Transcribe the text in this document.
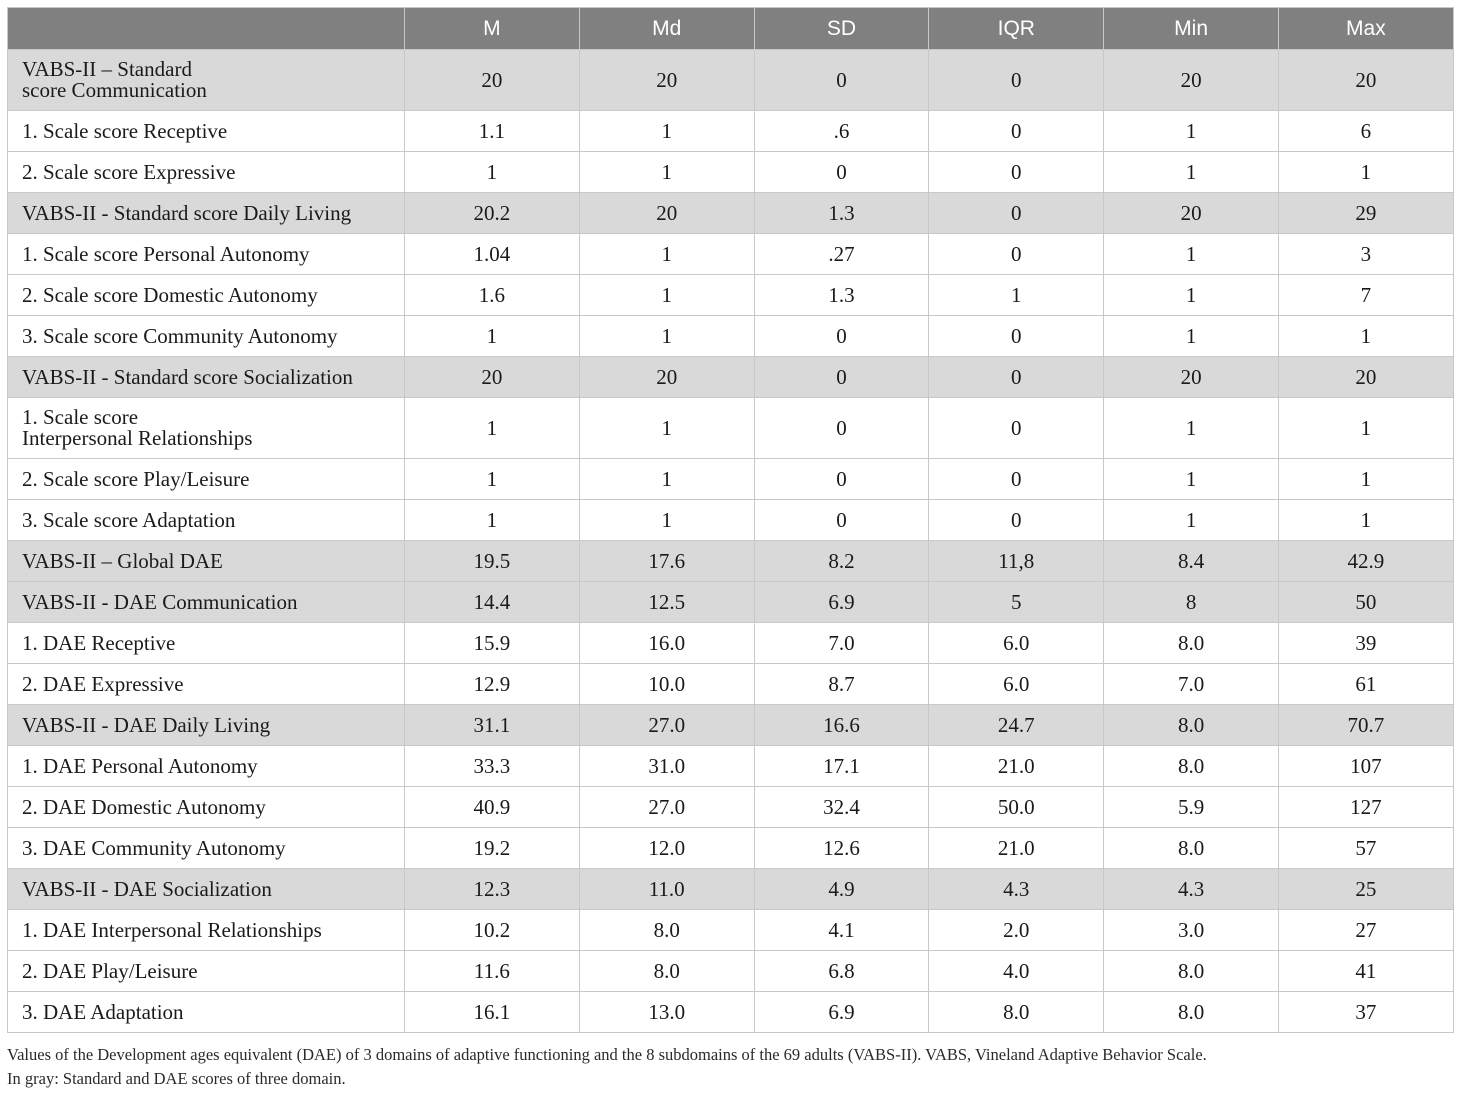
	M	Md	SD	IQR	Min	Max

VABS-II – Standard
score Communication	20	20	0	0	20	20

1. Scale score Receptive	1.1	1	.6	0	1	6

2. Scale score Expressive	1	1	0	0	1	1

VABS-II - Standard score Daily Living	20.2	20	1.3	0	20	29

1. Scale score Personal Autonomy	1.04	1	.27	0	1	3

2. Scale score Domestic Autonomy	1.6	1	1.3	1	1	7

3. Scale score Community Autonomy	1	1	0	0	1	1

VABS-II - Standard score Socialization	20	20	0	0	20	20

1. Scale score
Interpersonal Relationships	1	1	0	0	1	1

2. Scale score Play/Leisure	1	1	0	0	1	1

3. Scale score Adaptation	1	1	0	0	1	1

VABS-II – Global DAE	19.5	17.6	8.2	11,8	8.4	42.9

VABS-II - DAE Communication	14.4	12.5	6.9	5	8	50

1. DAE Receptive	15.9	16.0	7.0	6.0	8.0	39

2. DAE Expressive	12.9	10.0	8.7	6.0	7.0	61

VABS-II - DAE Daily Living	31.1	27.0	16.6	24.7	8.0	70.7

1. DAE Personal Autonomy	33.3	31.0	17.1	21.0	8.0	107

2. DAE Domestic Autonomy	40.9	27.0	32.4	50.0	5.9	127

3. DAE Community Autonomy	19.2	12.0	12.6	21.0	8.0	57

VABS-II - DAE Socialization	12.3	11.0	4.9	4.3	4.3	25

1. DAE Interpersonal Relationships	10.2	8.0	4.1	2.0	3.0	27

2. DAE Play/Leisure	11.6	8.0	6.8	4.0	8.0	41

3. DAE Adaptation	16.1	13.0	6.9	8.0	8.0	37

Values of the Development ages equivalent (DAE) of 3 domains of adaptive functioning and the 8 subdomains of the 69 adults (VABS-II). VABS, Vineland Adaptive Behavior Scale.

In gray: Standard and DAE scores of three domain.
